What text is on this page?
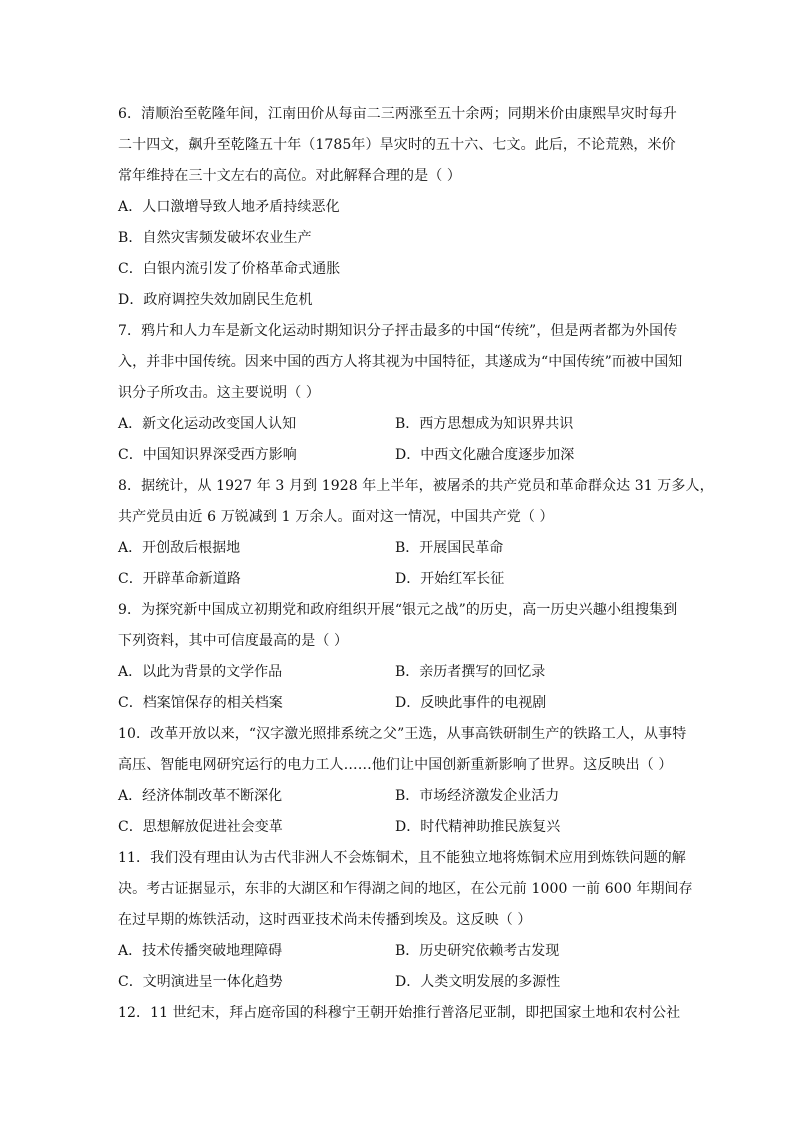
6．清顺治至乾隆年间，江南田价从每亩二三两涨至五十余两；同期米价由康熙旱灾时每升
二十四文，飙升至乾隆五十年（1785年）旱灾时的五十六、七文。此后，不论荒熟，米价
常年维持在三十文左右的高位。对此解释合理的是（ ）
A．人口激增导致人地矛盾持续恶化
B．自然灾害频发破坏农业生产
C．白银内流引发了价格革命式通胀
D．政府调控失效加剧民生危机
7．鸦片和人力车是新文化运动时期知识分子抨击最多的中国“传统”，但是两者都为外国传
入，并非中国传统。因来中国的西方人将其视为中国特征，其遂成为“中国传统”而被中国知
识分子所攻击。这主要说明（ ）
A．新文化运动改变国人认知	B．西方思想成为知识界共识
C．中国知识界深受西方影响	D．中西文化融合度逐步加深
8．据统计，从 1927 年 3 月到 1928 年上半年，被屠杀的共产党员和革命群众达 31 万多人，
共产党员由近 6 万锐减到 1 万余人。面对这一情况，中国共产党（ ）
A．开创敌后根据地	B．开展国民革命
C．开辟革命新道路	D．开始红军长征
9．为探究新中国成立初期党和政府组织开展“银元之战”的历史，高一历史兴趣小组搜集到
下列资料，其中可信度最高的是（ ）
A．以此为背景的文学作品	B．亲历者撰写的回忆录
C．档案馆保存的相关档案	D．反映此事件的电视剧
10．改革开放以来，“汉字激光照排系统之父”王选，从事高铁研制生产的铁路工人，从事特
高压、智能电网研究运行的电力工人……他们让中国创新重新影响了世界。这反映出（ ）
A．经济体制改革不断深化	B．市场经济激发企业活力
C．思想解放促进社会变革	D．时代精神助推民族复兴
11．我们没有理由认为古代非洲人不会炼铜术，且不能独立地将炼铜术应用到炼铁问题的解
决。考古证据显示，东非的大湖区和乍得湖之间的地区，在公元前 1000 一前 600 年期间存
在过早期的炼铁活动，这时西亚技术尚未传播到埃及。这反映（ ）
A．技术传播突破地理障碍	B．历史研究依赖考古发现
C．文明演进呈一体化趋势	D．人类文明发展的多源性
12．11 世纪末，拜占庭帝国的科穆宁王朝开始推行普洛尼亚制，即把国家土地和农村公社
